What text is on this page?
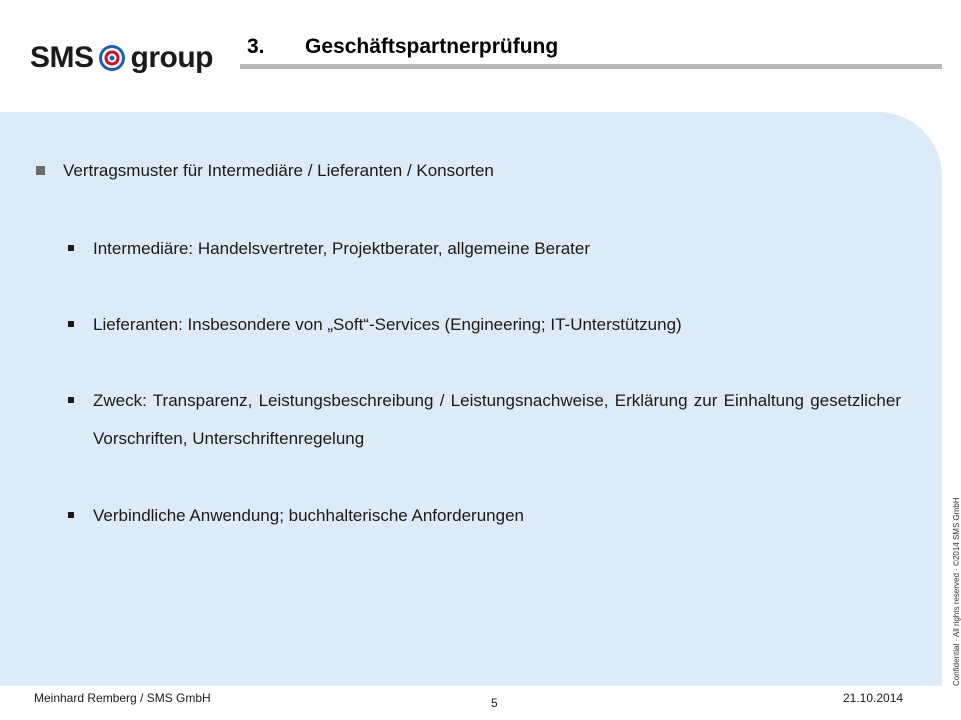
SMS group 3. Geschäftspartnerprüfung
Vertragsmuster für Intermediäre / Lieferanten / Konsorten
Intermediäre: Handelsvertreter, Projektberater, allgemeine Berater
Lieferanten: Insbesondere von „Soft“-Services (Engineering; IT-Unterstützung)
Zweck: Transparenz, Leistungsbeschreibung / Leistungsnachweise, Erklärung zur Einhaltung gesetzlicher Vorschriften, Unterschriftenregelung
Verbindliche Anwendung; buchhalterische Anforderungen	Confidential · All rights reserved · ©2014 SMS GmbH
Meinhard Remberg / SMS GmbH	5	21.10.2014
